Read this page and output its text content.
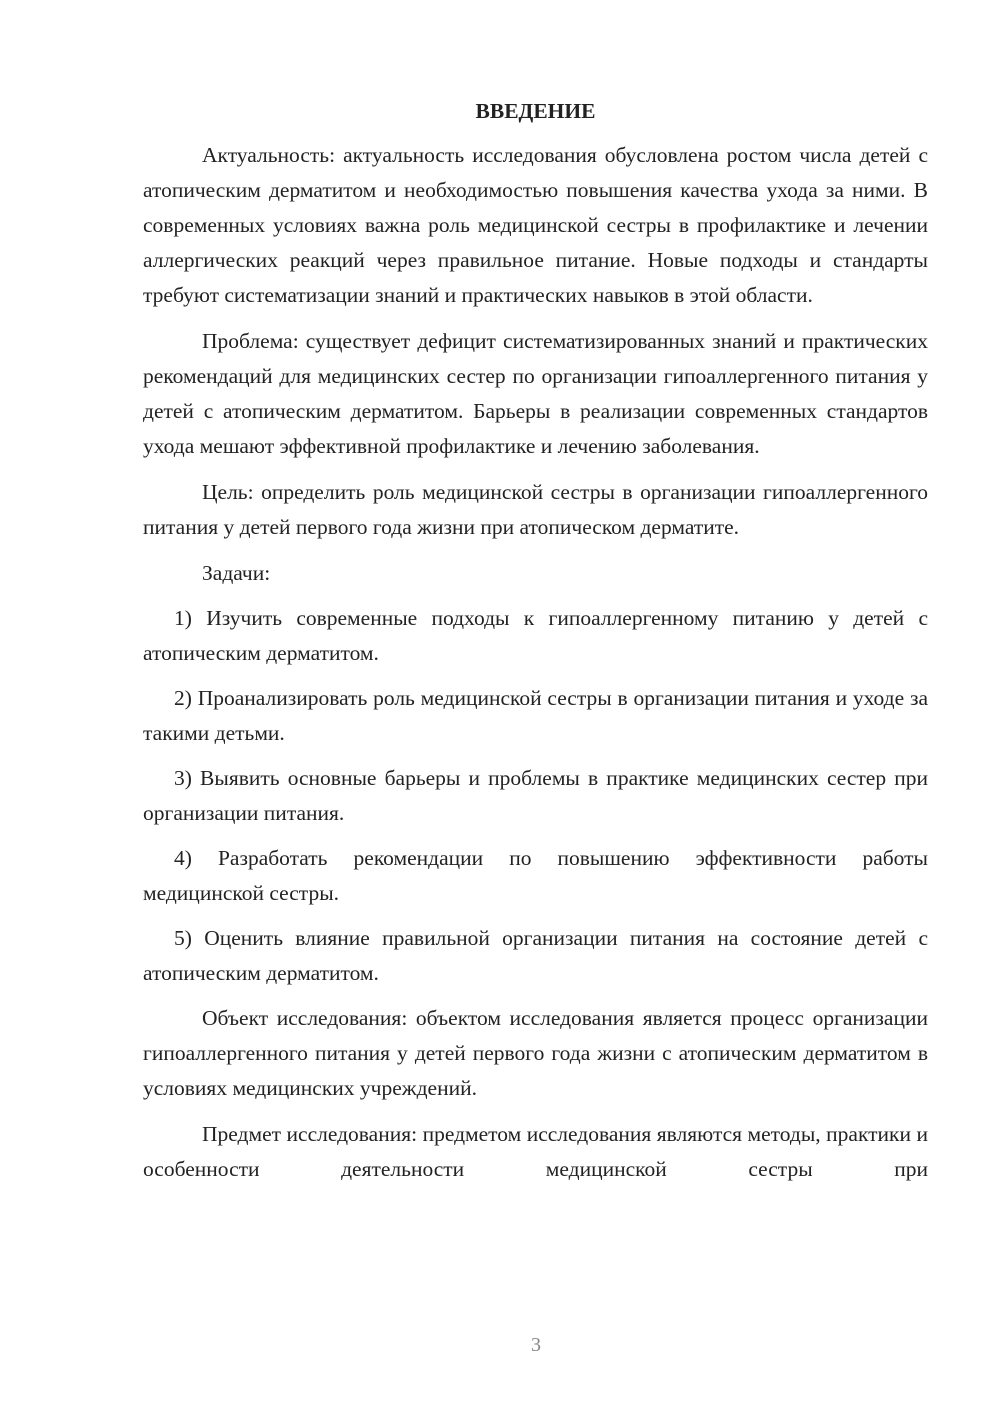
ВВЕДЕНИЕ

Актуальность: актуальность исследования обусловлена ростом числа детей с атопическим дерматитом и необходимостью повышения качества ухода за ними. В современных условиях важна роль медицинской сестры в профилактике и лечении аллергических реакций через правильное питание. Новые подходы и стандарты требуют систематизации знаний и практических навыков в этой области.

Проблема: существует дефицит систематизированных знаний и практических рекомендаций для медицинских сестер по организации гипоаллергенного питания у детей с атопическим дерматитом. Барьеры в реализации современных стандартов ухода мешают эффективной профилактике и лечению заболевания.

Цель: определить роль медицинской сестры в организации гипоаллергенного питания у детей первого года жизни при атопическом дерматите.

Задачи:

1) Изучить современные подходы к гипоаллергенному питанию у детей с атопическим дерматитом.

2) Проанализировать роль медицинской сестры в организации питания и уходе за такими детьми.

3) Выявить основные барьеры и проблемы в практике медицинских сестер при организации питания.

4) Разработать рекомендации по повышению эффективности работы медицинской сестры.

5) Оценить влияние правильной организации питания на состояние детей с атопическим дерматитом.

Объект исследования: объектом исследования является процесс организации гипоаллергенного питания у детей первого года жизни с атопическим дерматитом в условиях медицинских учреждений.

Предмет исследования: предметом исследования являются методы, практики и особенности деятельности медицинской сестры при

3
